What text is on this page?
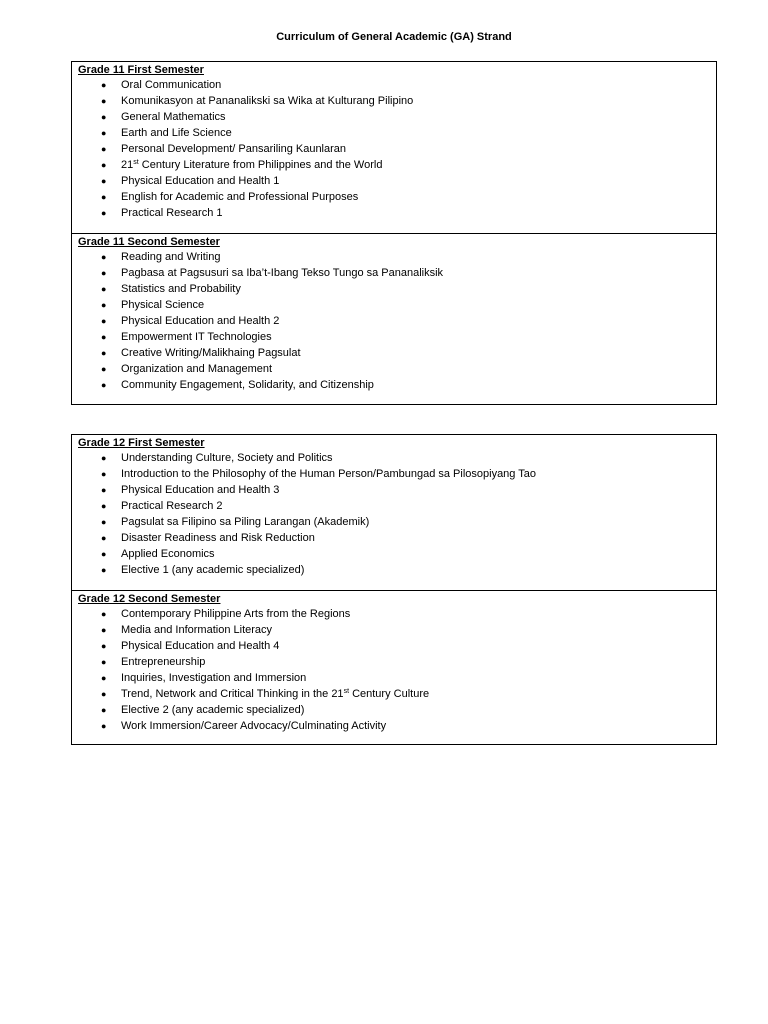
Curriculum of General Academic (GA) Strand
Grade 11 First Semester
● Oral Communication
● Komunikasyon at Pananalikski sa Wika at Kulturang Pilipino
● General Mathematics
● Earth and Life Science
● Personal Development/ Pansariling Kaunlaran
● 21st Century Literature from Philippines and the World
● Physical Education and Health 1
● English for Academic and Professional Purposes
● Practical Research 1
Grade 11 Second Semester
● Reading and Writing
● Pagbasa at Pagsusuri sa Iba’t-Ibang Tekso Tungo sa Pananaliksik
● Statistics and Probability
● Physical Science
● Physical Education and Health 2
● Empowerment IT Technologies
● Creative Writing/Malikhaing Pagsulat
● Organization and Management
● Community Engagement, Solidarity, and Citizenship
Grade 12 First Semester
● Understanding Culture, Society and Politics
● Introduction to the Philosophy of the Human Person/Pambungad sa Pilosopiyang Tao
● Physical Education and Health 3
● Practical Research 2
● Pagsulat sa Filipino sa Piling Larangan (Akademik)
● Disaster Readiness and Risk Reduction
● Applied Economics
● Elective 1 (any academic specialized)
Grade 12 Second Semester
● Contemporary Philippine Arts from the Regions
● Media and Information Literacy
● Physical Education and Health 4
● Entrepreneurship
● Inquiries, Investigation and Immersion
● Trend, Network and Critical Thinking in the 21st Century Culture
● Elective 2 (any academic specialized)
● Work Immersion/Career Advocacy/Culminating Activity
